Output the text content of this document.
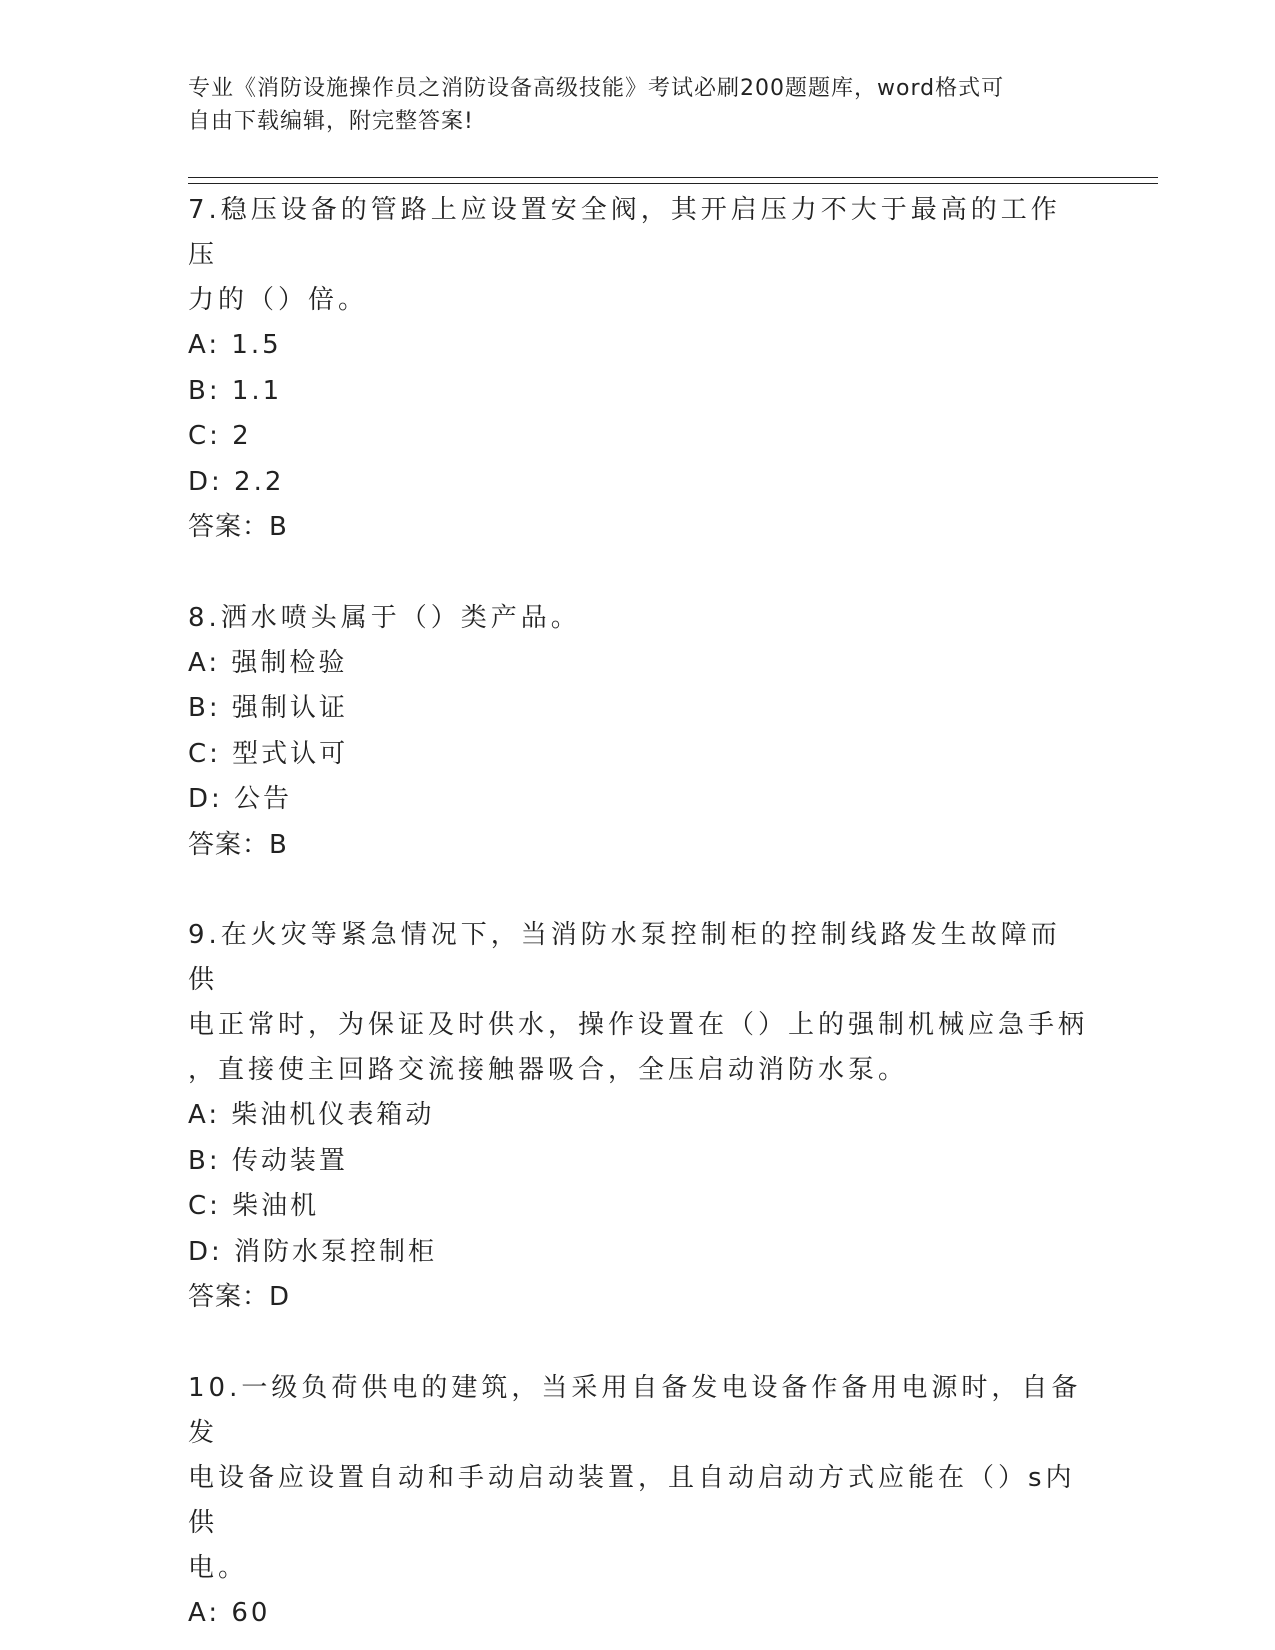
专业《消防设施操作员之消防设备高级技能》考试必刷200题题库，word格式可
自由下载编辑，附完整答案!

7.稳压设备的管路上应设置安全阀，其开启压力不大于最高的工作压

力的（）倍。

A: 1.5

B: 1.1

C: 2

D: 2.2

答案：B

8.洒水喷头属于（）类产品。

A: 强制检验

B: 强制认证

C: 型式认可

D: 公告

答案：B

9.在火灾等紧急情况下，当消防水泵控制柜的控制线路发生故障而供

电正常时，为保证及时供水，操作设置在（）上的强制机械应急手柄

，直接使主回路交流接触器吸合，全压启动消防水泵。

A: 柴油机仪表箱动

B: 传动装置

C: 柴油机

D: 消防水泵控制柜

答案：D

10.一级负荷供电的建筑，当采用自备发电设备作备用电源时，自备发

电设备应设置自动和手动启动装置，且自动启动方式应能在（）s内供

电。

A: 60
